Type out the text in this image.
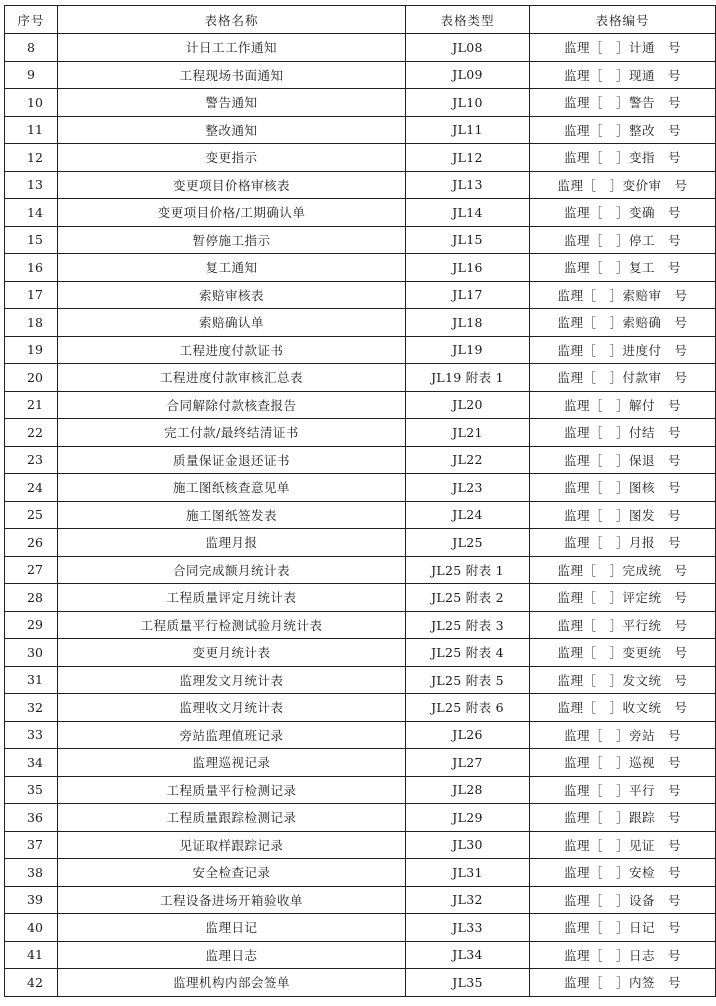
序号	表格名称	表格类型	表格编号
8	计日工工作通知	JL08	监理［　］计通　号
9	工程现场书面通知	JL09	监理［　］现通　号
10	警告通知	JL10	监理［　］警告　号
11	整改通知	JL11	监理［　］整改　号
12	变更指示	JL12	监理［　］变指　号
13	变更项目价格审核表	JL13	监理［　］变价审　号
14	变更项目价格/工期确认单	JL14	监理［　］变确　号
15	暂停施工指示	JL15	监理［　］停工　号
16	复工通知	JL16	监理［　］复工　号
17	索赔审核表	JL17	监理［　］索赔审　号
18	索赔确认单	JL18	监理［　］索赔确　号
19	工程进度付款证书	JL19	监理［　］进度付　号
20	工程进度付款审核汇总表	JL19 附表 1	监理［　］付款审　号
21	合同解除付款核查报告	JL20	监理［　］解付　号
22	完工付款/最终结清证书	JL21	监理［　］付结　号
23	质量保证金退还证书	JL22	监理［　］保退　号
24	施工图纸核查意见单	JL23	监理［　］图核　号
25	施工图纸签发表	JL24	监理［　］图发　号
26	监理月报	JL25	监理［　］月报　号
27	合同完成额月统计表	JL25 附表 1	监理［　］完成统　号
28	工程质量评定月统计表	JL25 附表 2	监理［　］评定统　号
29	工程质量平行检测试验月统计表	JL25 附表 3	监理［　］平行统　号
30	变更月统计表	JL25 附表 4	监理［　］变更统　号
31	监理发文月统计表	JL25 附表 5	监理［　］发文统　号
32	监理收文月统计表	JL25 附表 6	监理［　］收文统　号
33	旁站监理值班记录	JL26	监理［　］旁站　号
34	监理巡视记录	JL27	监理［　］巡视　号
35	工程质量平行检测记录	JL28	监理［　］平行　号
36	工程质量跟踪检测记录	JL29	监理［　］跟踪　号
37	见证取样跟踪记录	JL30	监理［　］见证　号
38	安全检查记录	JL31	监理［　］安检　号
39	工程设备进场开箱验收单	JL32	监理［　］设备　号
40	监理日记	JL33	监理［　］日记　号
41	监理日志	JL34	监理［　］日志　号
42	监理机构内部会签单	JL35	监理［　］内签　号
